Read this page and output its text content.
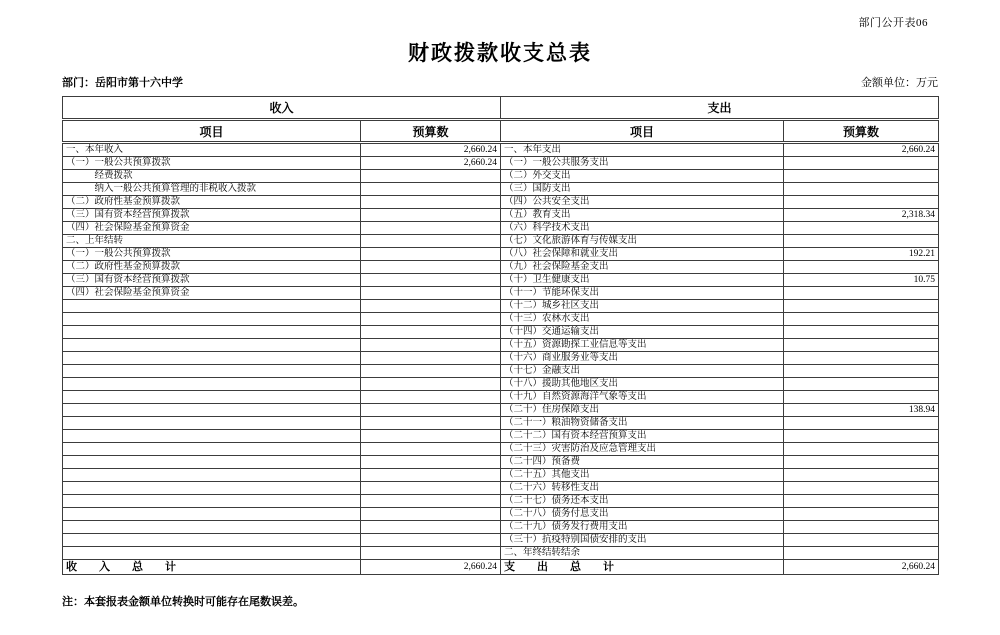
部门公开表06
财政拨款收支总表
部门：岳阳市第十六中学	金额单位：万元
收入		支出	
项目	预算数	项目	预算数
一、本年收入	2,660.24	一、本年支出	2,660.24
（一）一般公共预算拨款	2,660.24	（一）一般公共服务支出	
　　　经费拨款		（二）外交支出	
　　　纳入一般公共预算管理的非税收入拨款		（三）国防支出	
（二）政府性基金预算拨款		（四）公共安全支出	
（三）国有资本经营预算拨款		（五）教育支出	2,318.34
（四）社会保险基金预算资金		（六）科学技术支出	
二、上年结转		（七）文化旅游体育与传媒支出	
（一）一般公共预算拨款		（八）社会保障和就业支出	192.21
（二）政府性基金预算拨款		（九）社会保险基金支出	
（三）国有资本经营预算拨款		（十）卫生健康支出	10.75
（四）社会保险基金预算资金		（十一）节能环保支出	
		（十二）城乡社区支出	
		（十三）农林水支出	
		（十四）交通运输支出	
		（十五）资源勘探工业信息等支出	
		（十六）商业服务业等支出	
		（十七）金融支出	
		（十八）援助其他地区支出	
		（十九）自然资源海洋气象等支出	
		（二十）住房保障支出	138.94
		（二十一）粮油物资储备支出	
		（二十二）国有资本经营预算支出	
		（二十三）灾害防治及应急管理支出	
		（二十四）预备费	
		（二十五）其他支出	
		（二十六）转移性支出	
		（二十七）债务还本支出	
		（二十八）债务付息支出	
		（二十九）债务发行费用支出	
		（三十）抗疫特别国债安排的支出	
		二、年终结转结余	
收　　入　　总　　计	2,660.24	支　　出　　总　　计	2,660.24
注：本套报表金额单位转换时可能存在尾数误差。
